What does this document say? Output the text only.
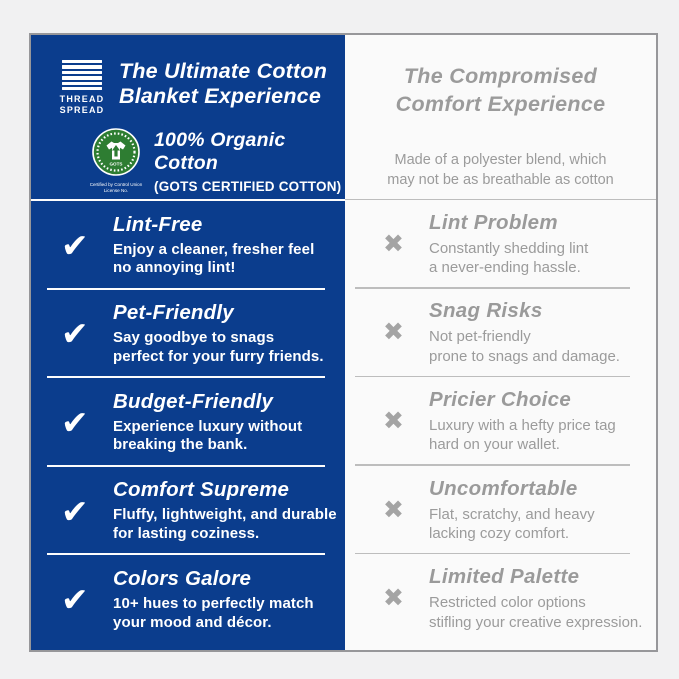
THREAD
SPREAD
The Ultimate Cotton
Blanket Experience
GOTS
Certified by Control Union
License No.
100% Organic Cotton
(GOTS CERTIFIED COTTON)
✔
Lint-Free
Enjoy a cleaner, fresher feel
no annoying lint!
✔
Pet-Friendly
Say goodbye to snags
perfect for your furry friends.
✔
Budget-Friendly
Experience luxury without
breaking the bank.
✔
Comfort Supreme
Fluffy, lightweight, and durable
for lasting coziness.
✔
Colors Galore
10+ hues to perfectly match
your mood and décor.
The Compromised
Comfort Experience
Made of a polyester blend, which
may not be as breathable as cotton
✖
Lint Problem
Constantly shedding lint
a never-ending hassle.
✖
Snag Risks
Not pet-friendly
prone to snags and damage.
✖
Pricier Choice
Luxury with a hefty price tag
hard on your wallet.
✖
Uncomfortable
Flat, scratchy, and heavy
lacking cozy comfort.
✖
Limited Palette
Restricted color options
stifling your creative expression.
